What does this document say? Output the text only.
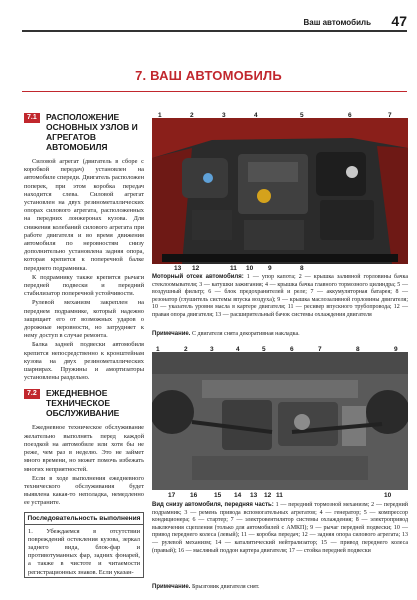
Ваш автомобиль 47
7. ВАШ АВТОМОБИЛЬ
7.1	РАСПОЛОЖЕНИЕ ОСНОВНЫХ УЗЛОВ И АГРЕГАТОВ АВТОМОБИЛЯ

Силовой агрегат (двигатель в сборе с коробкой передач) установлен на автомобиле спереди. Двигатель расположен поперек, при этом коробка передач находится слева. Силовой агрегат установлен на двух резинометаллических опорах силового агрегата, расположенных на передних лонжеронах кузова. Для снижения колебаний силового агрегата при работе двигателя и во время движения автомобиля по неровностям снизу дополнительно установлена задняя опора, которая крепится к поперечной балке переднего подрамника.

К подрамнику также крепятся рычаги передней подвески и передний стабилизатор поперечной устойчивости.

Рулевой механизм закреплен на переднем подрамнике, который надежно защищает его от возможных ударов о дорожные неровности, но затрудняет к нему доступ в случае ремонта.

Балка задней подвески автомобиля крепится непосредственно к кронштейнам кузова на двух резинометаллических шарнирах. Пружины и амортизаторы установлены раздельно.

7.2	ЕЖЕДНЕВНОЕ ТЕХНИЧЕСКОЕ ОБСЛУЖИВАНИЕ

Ежедневное техническое обслуживание желательно выполнять перед каждой поездкой на автомобиле или хотя бы не реже, чем раз в неделю. Это не займет много времени, но может помочь избежать многих неприятностей.

Если в ходе выполнения ежедневного технического обслуживания будет выявлена какая-то неполадка, немедленно ее устраните.

Последовательность выполнения
1. Убеждаемся в отсутствии повреждений остекления кузова, зеркал заднего вида, блок-фар и противотуманных фар, задних фонарей, а также в чистоте и читаемости регистрационных знаков. Если указан-
1	2	3	4	5	6	7
13 12	11 10 9	8
Моторный отсек автомобиля: 1 — упор капота; 2 — крышка заливной горловины бачка стеклоомывателя; 3 — катушки зажигания; 4 — крышка бачка главного тормозного цилиндра; 5 — воздушный фильтр; 6 — блок предохранителей и реле; 7 — аккумуляторная батарея; 8 — резонатор (глушитель системы впуска воздуха); 9 — крышка маслозаливной горловины двигателя; 10 — указатель уровня масла в картере двигателя; 11 — ресивер впускного трубопровода; 12 — правая опора двигателя; 13 — расширительный бачок системы охлаждения двигателя
Примечание. С двигателя снята декоративная накладка.
1	2	3	4	5	6	7	8	9
17 16	15 14 13 12 11	10
Вид снизу автомобиля, передняя часть: 1 — передний тормозной механизм; 2 — передний подрамник; 3 — ремень привода вспомогательных агрегатов; 4 — генератор; 5 — компрессор кондиционера; 6 — стартер; 7 — электровентилятор системы охлаждения; 8 — электропривод выключения сцепления (только для автомобилей с АМКП); 9 — рычаг передней подвески; 10 — привод переднего колеса (левый); 11 — коробка передач; 12 — задняя опора силового агрегата; 13 — рулевой механизм; 14 — каталитический нейтрализатор; 15 — привод переднего колеса (правый); 16 — масляный поддон картера двигателя; 17 — стойка передней подвески
Примечание. Брызговик двигателя снят.
